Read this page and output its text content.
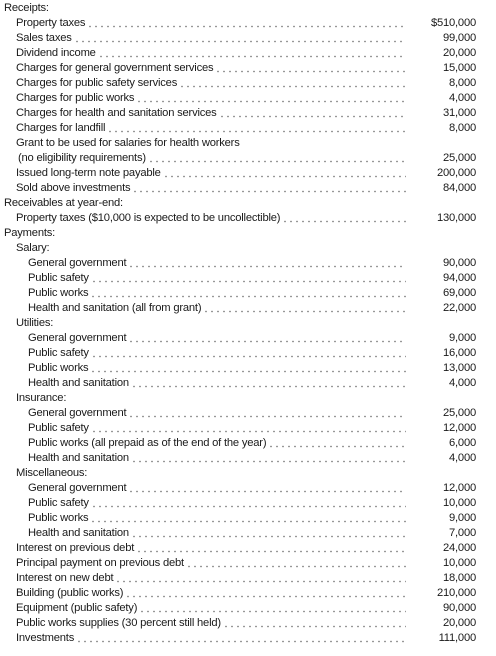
Receipts:
Property taxes	$510,000
Sales taxes	99,000
Dividend income	20,000
Charges for general government services	15,000
Charges for public safety services	8,000
Charges for public works	4,000
Charges for health and sanitation services	31,000
Charges for landfill	8,000
Grant to be used for salaries for health workers
(no eligibility requirements)	25,000
Issued long-term note payable	200,000
Sold above investments	84,000
Receivables at year-end:
Property taxes ($10,000 is expected to be uncollectible)	130,000
Payments:
Salary:
General government	90,000
Public safety	94,000
Public works	69,000
Health and sanitation (all from grant)	22,000
Utilities:
General government	9,000
Public safety	16,000
Public works	13,000
Health and sanitation	4,000
Insurance:
General government	25,000
Public safety	12,000
Public works (all prepaid as of the end of the year)	6,000
Health and sanitation	4,000
Miscellaneous:
General government	12,000
Public safety	10,000
Public works	9,000
Health and sanitation	7,000
Interest on previous debt	24,000
Principal payment on previous debt	10,000
Interest on new debt	18,000
Building (public works)	210,000
Equipment (public safety)	90,000
Public works supplies (30 percent still held)	20,000
Investments	111,000
